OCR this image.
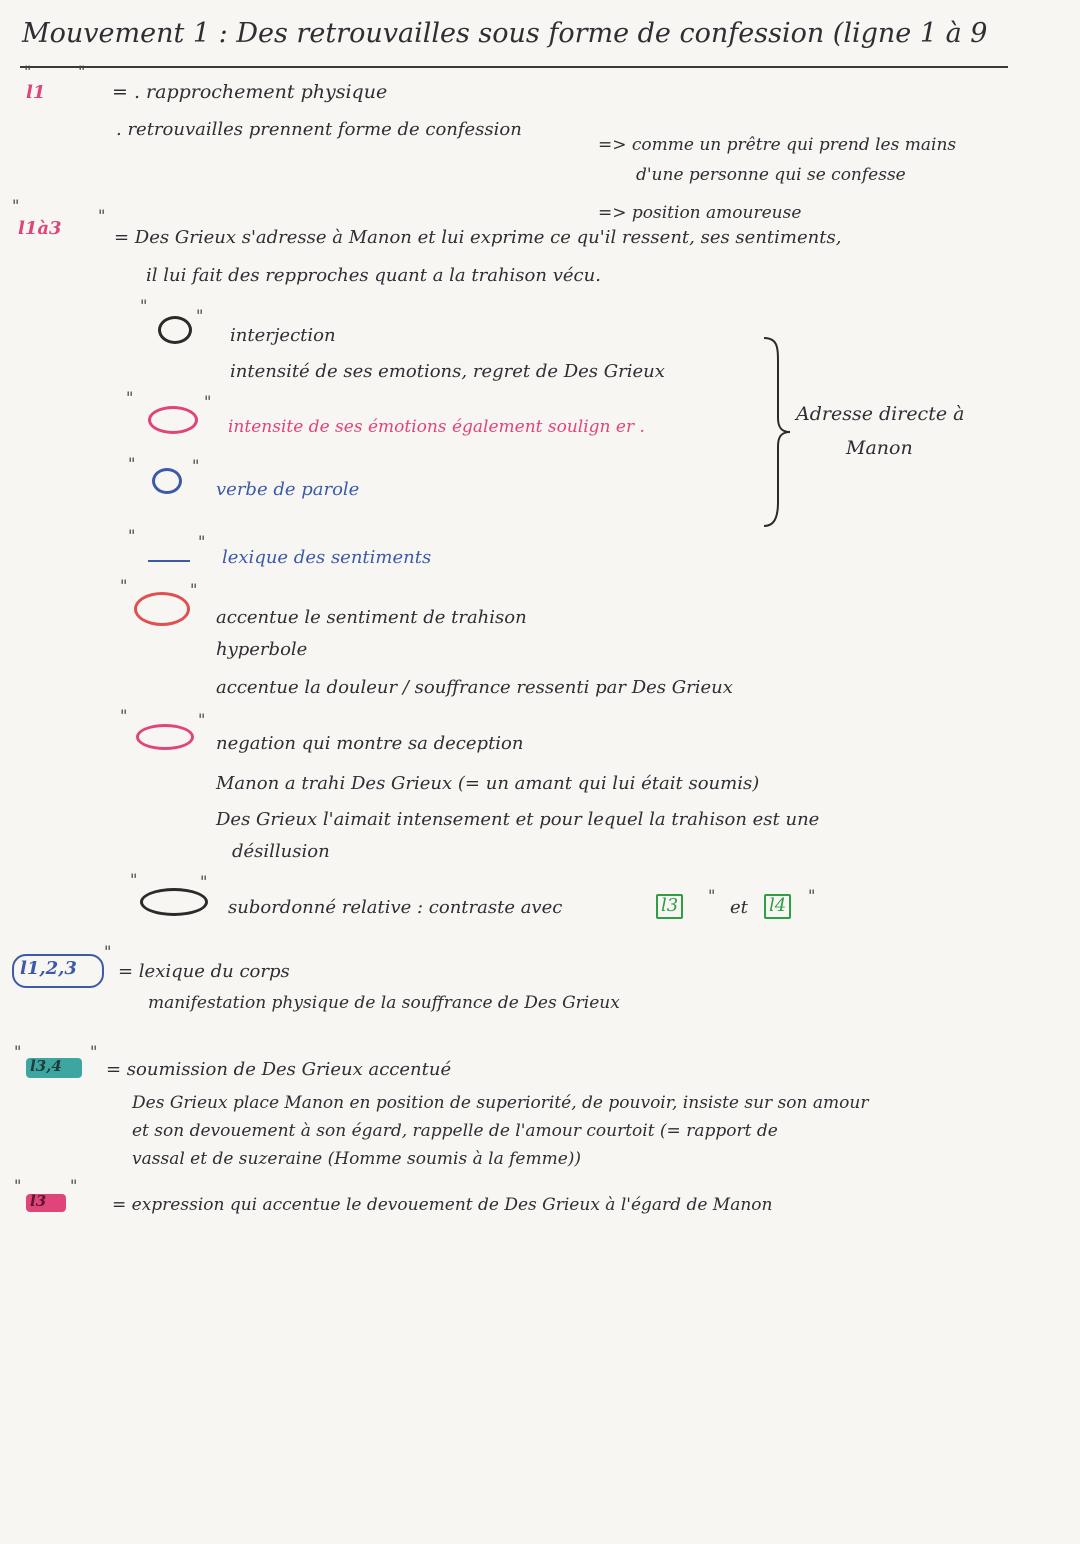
Mouvement 1 : Des retrouvailles sous forme de confession (ligne 1 à 9
"
l1
"
= . rapprochement physique
. retrouvailles prennent forme de confession
=> comme un prêtre qui prend les mains
d'une personne qui se confesse
=> position amoureuse
"
l1à3
"
= Des Grieux s'adresse à Manon et lui exprime ce qu'il ressent, ses sentiments,
il lui fait des repproches quant a la trahison vécu.
"
"
interjection
intensité de ses emotions, regret de Des Grieux
"	"
intensite de ses émotions également soulign er .
"	"
verbe de parole
Adresse directe à
Manon
"	"
lexique des sentiments
"	"
accentue le sentiment de trahison
hyperbole
accentue la douleur / souffrance ressenti par Des Grieux
"	"
negation qui montre sa deception
Manon a trahi Des Grieux (= un amant qui lui était soumis)
Des Grieux l'aimait intensement et pour lequel la trahison est une
désillusion
"	"
subordonné relative : contraste avec	l3	"
et l4	"
l1,2,3
"
= lexique du corps
manifestation physique de la souffrance de Des Grieux
"
l3,4
"
= soumission de Des Grieux accentué
Des Grieux place Manon en position de superiorité, de pouvoir, insiste sur son amour
et son devouement à son égard, rappelle de l'amour courtoit (= rapport de
vassal et de suzeraine (Homme soumis à la femme))
"
l3
"
= expression qui accentue le devouement de Des Grieux à l'égard de Manon
